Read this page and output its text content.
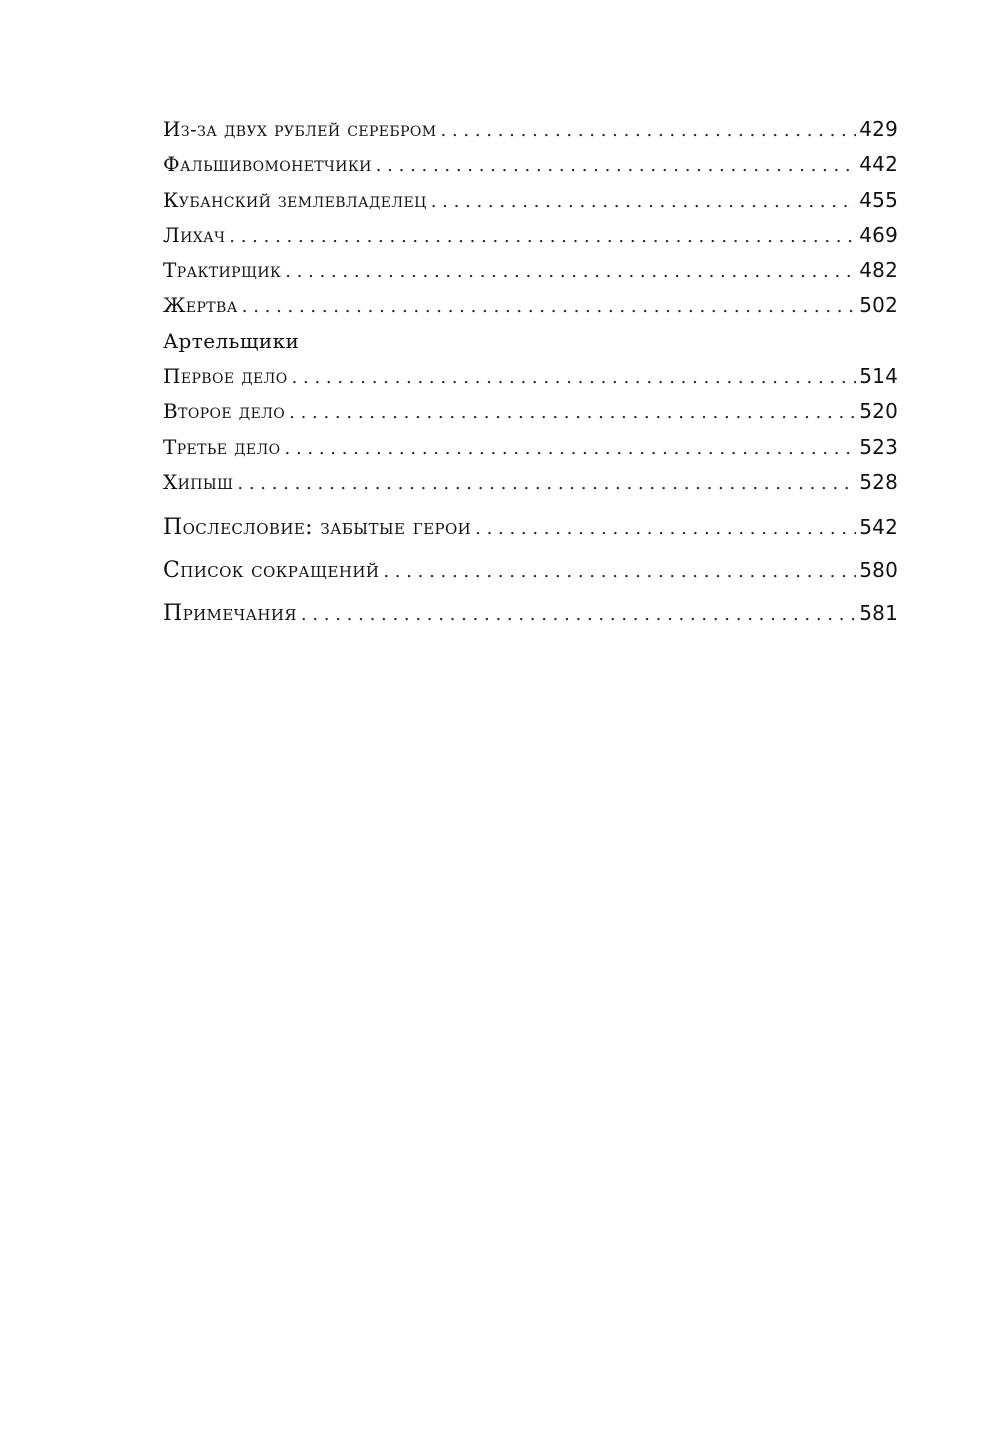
Из-за двух рублей серебром . . .	429
Фальшивомонетчики . . .	442
Кубанский землевладелец . . .	455
Лихач . . .	469
Трактирщик . . .	482
Жертва . . .	502
Артельщики
Первое дело . . .	514
Второе дело . . .	520
Третье дело . . .	523
Хипыш . . .	528
Послесловие: забытые герои . . .	542
Список сокращений . . .	580
Примечания . . .	581
